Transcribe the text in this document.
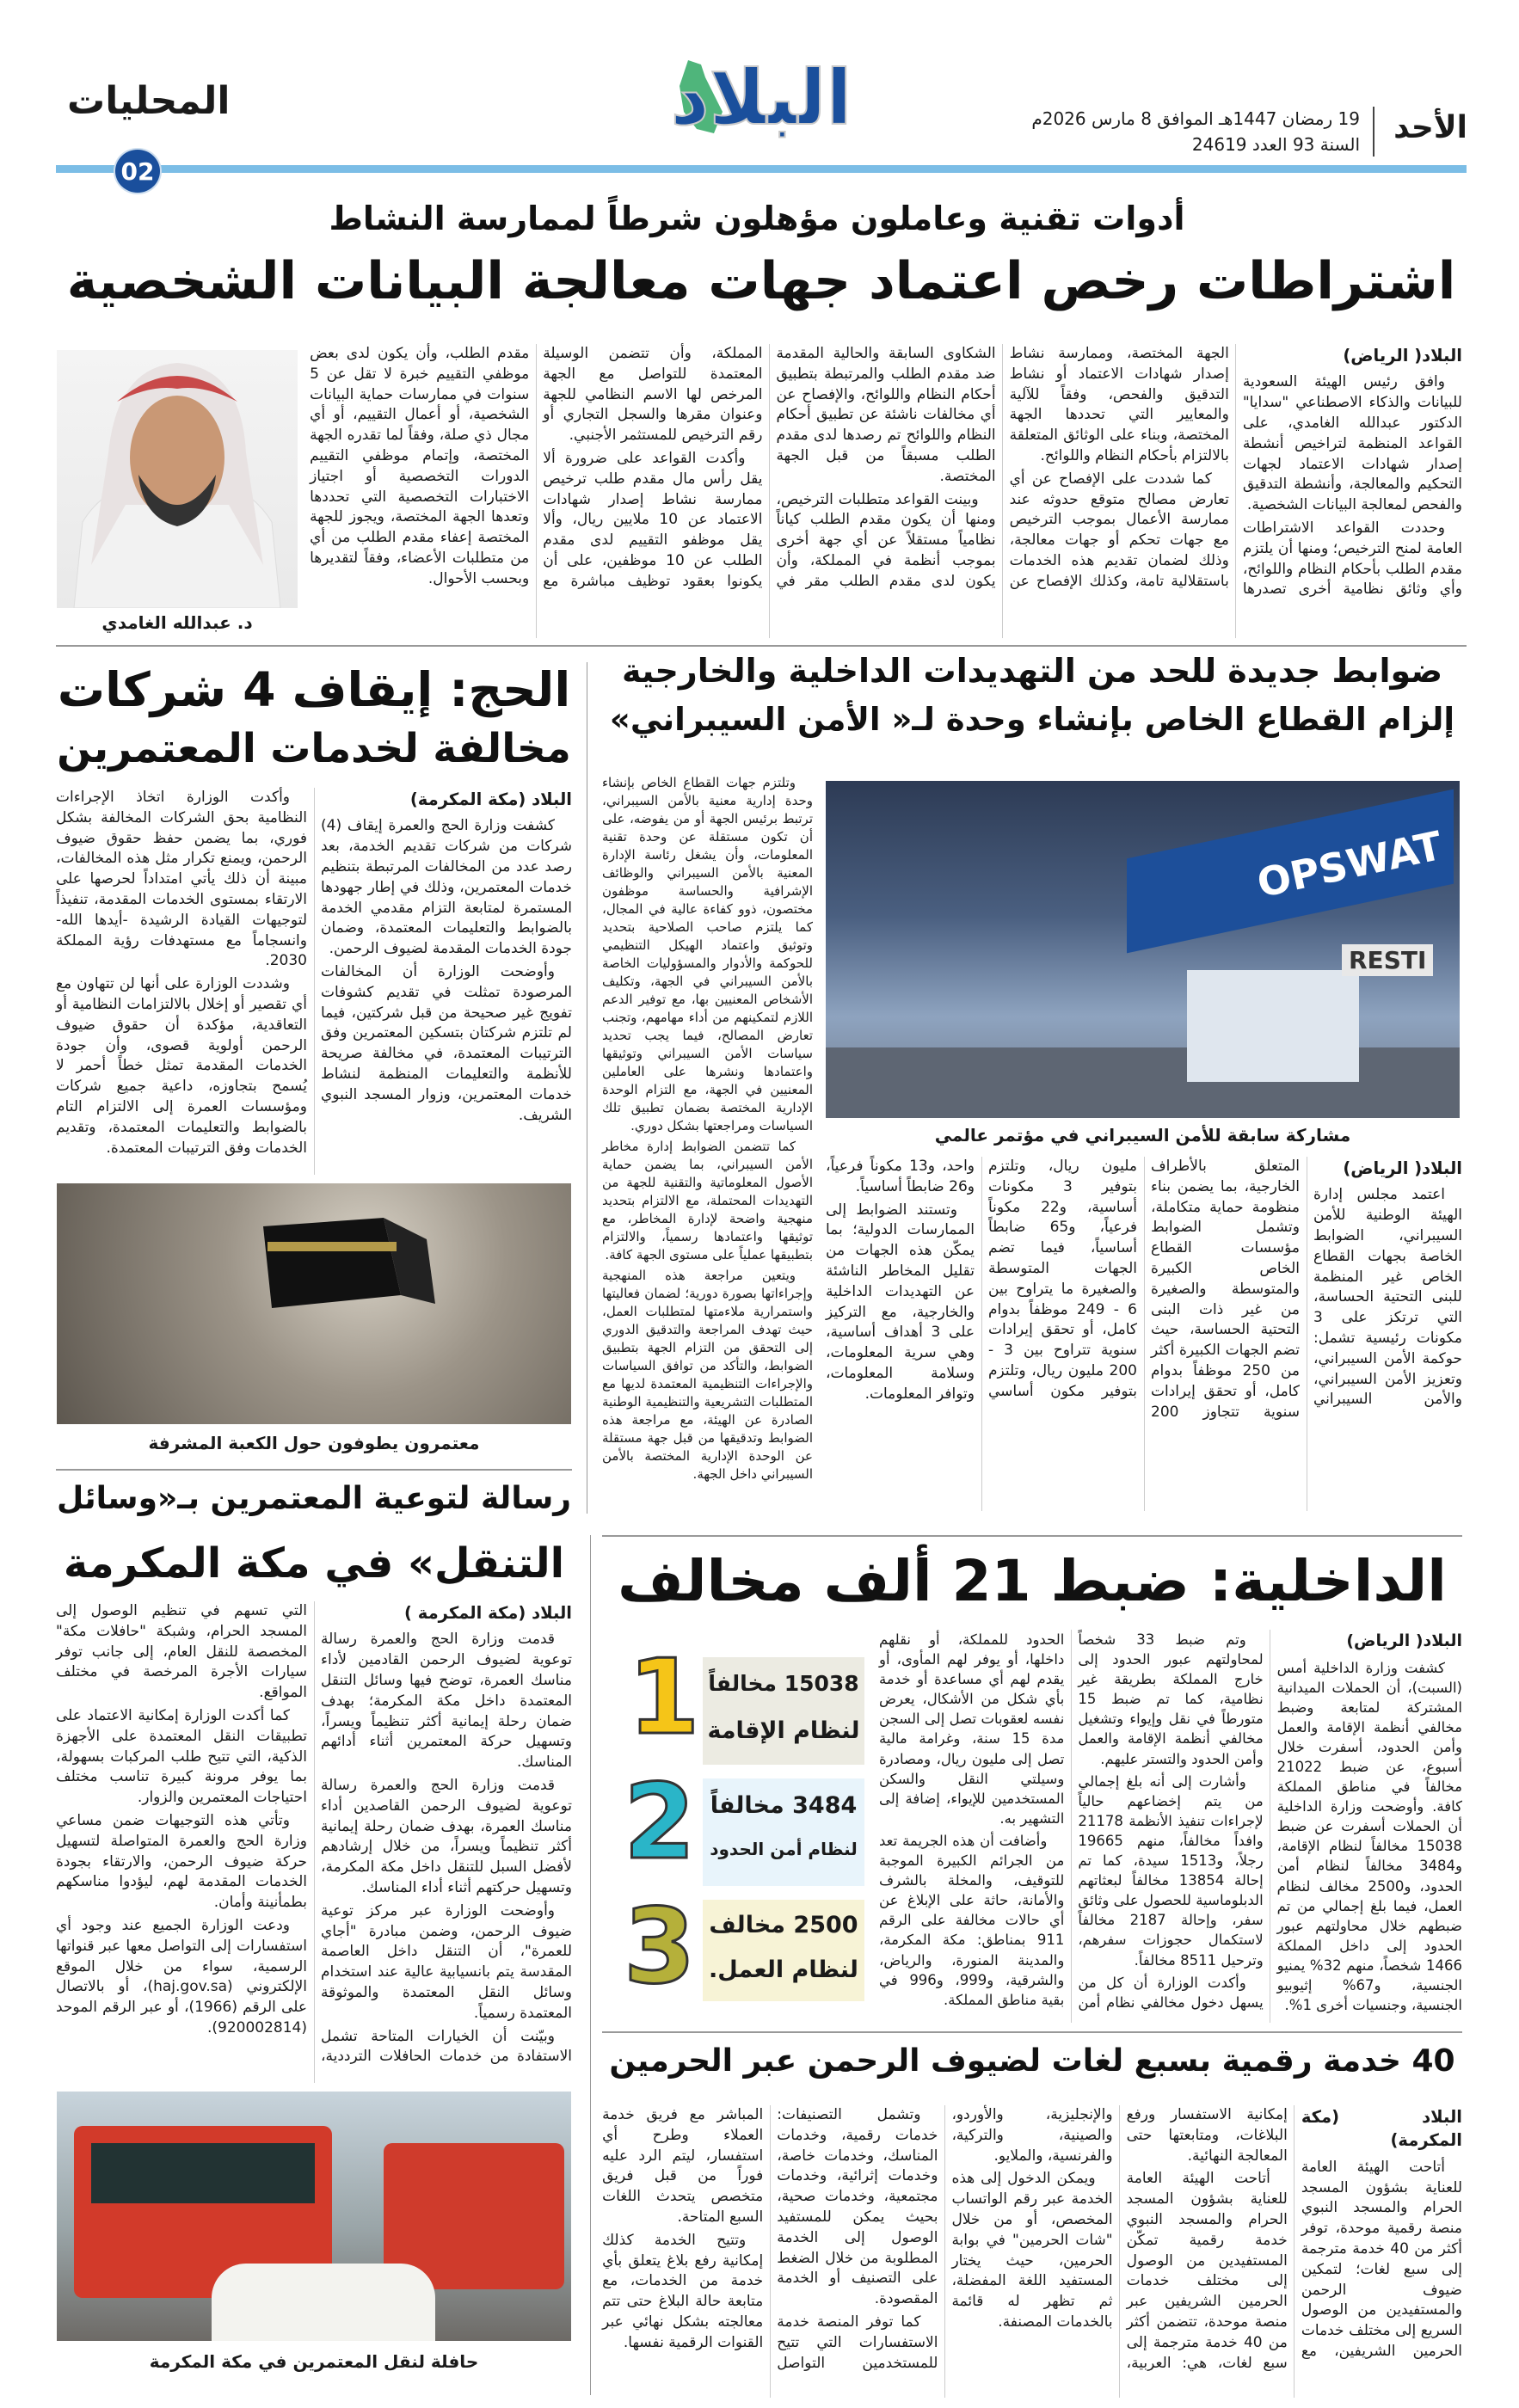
الأحد
19 رمضان 1447هـ الموافق 8 مارس 2026م
السنة 93 العدد 24619
البلاد
المحليات
02
أدوات تقنية وعاملون مؤهلون شرطاً لممارسة النشاط
اشتراطات رخص اعتماد جهات معالجة البيانات الشخصية
البلاد( الرياض)

وافق رئيس الهيئة السعودية للبيانات والذكاء الاصطناعي "سدايا" الدكتور عبدالله الغامدي، على القواعد المنظمة لتراخيص أنشطة إصدار شهادات الاعتماد لجهات التحكيم والمعالجة، وأنشطة التدقيق والفحص لمعالجة البيانات الشخصية.

وحددت القواعد الاشتراطات العامة لمنح الترخيص؛ ومنها أن يلتزم مقدم الطلب بأحكام النظام واللوائح، وأي وثائق نظامية أخرى تصدرها الجهة المختصة، وممارسة نشاط إصدار شهادات الاعتماد أو نشاط التدقيق والفحص، وفقاً للآلية والمعايير التي تحددها الجهة المختصة، وبناء على الوثائق المتعلقة بالالتزام بأحكام النظام واللوائح.

كما شددت على الإفصاح عن أي تعارض مصالح متوقع حدوثه عند ممارسة الأعمال بموجب الترخيص مع جهات تحكم أو جهات معالجة، وذلك لضمان تقديم هذه الخدمات باستقلالية تامة، وكذلك الإفصاح عن الشكاوى السابقة والحالية المقدمة ضد مقدم الطلب والمرتبطة بتطبيق أحكام النظام واللوائح، والإفصاح عن أي مخالفات ناشئة عن تطبيق أحكام النظام واللوائح تم رصدها لدى مقدم الطلب مسبقاً من قبل الجهة المختصة.

وبينت القواعد متطلبات الترخيص، ومنها أن يكون مقدم الطلب كياناً نظامياً مستقلاً عن أي جهة أخرى بموجب أنظمة في المملكة، وأن يكون لدى مقدم الطلب مقر في المملكة، وأن تتضمن الوسيلة المعتمدة للتواصل مع الجهة المرخص لها الاسم النظامي للجهة وعنوان مقرها والسجل التجاري أو رقم الترخيص للمستثمر الأجنبي.

وأكدت القواعد على ضرورة ألا يقل رأس مال مقدم طلب ترخيص ممارسة نشاط إصدار شهادات الاعتماد عن 10 ملايين ريال، وألا يقل موظفو التقييم لدى مقدم الطلب عن 10 موظفين، على أن يكونوا بعقود توظيف مباشرة مع مقدم الطلب، وأن يكون لدى بعض موظفي التقييم خبرة لا تقل عن 5 سنوات في ممارسات حماية البيانات الشخصية، أو أعمال التقييم، أو أي مجال ذي صلة، وفقاً لما تقدره الجهة المختصة، وإتمام موظفي التقييم الدورات التخصصية أو اجتياز الاختبارات التخصصية التي تحددها وتعدها الجهة المختصة، ويجوز للجهة المختصة إعفاء مقدم الطلب من أي من متطلبات الأعضاء، وفقاً لتقديرها وبحسب الأحوال.

د. عبدالله الغامدي
ضوابط جديدة للحد من التهديدات الداخلية والخارجية
إلزام القطاع الخاص بإنشاء وحدة لـ« الأمن السيبراني»
OPSWAT
RESTI
مشاركة سابقة للأمن السيبراني في مؤتمر عالمي
البلاد( الرياض)

اعتمد مجلس إدارة الهيئة الوطنية للأمن السيبراني، الضوابط الخاصة بجهات القطاع الخاص غير المنظمة للبنى التحتية الحساسة، التي ترتكز على 3 مكونات رئيسية تشمل: حوكمة الأمن السيبراني، وتعزيز الأمن السيبراني، والأمن السيبراني المتعلق بالأطراف الخارجية، بما يضمن بناء منظومة حماية متكاملة، وتشمل الضوابط مؤسسات القطاع الخاص الكبيرة والمتوسطة والصغيرة من غير ذات البنى التحتية الحساسة، حيث تضم الجهات الكبيرة أكثر من 250 موظفاً بدوام كامل، أو تحقق إيرادات سنوية تتجاوز 200 مليون ريال، وتلتزم بتوفير 3 مكونات أساسية، و22 مكوناً فرعياً، و65 ضابطاً أساسياً، فيما تضم الجهات المتوسطة والصغيرة ما يتراوح بين 6 - 249 موظفاً بدوام كامل، أو تحقق إيرادات سنوية تتراوح بين 3 - 200 مليون ريال، وتلتزم بتوفير مكون أساسي واحد، و13 مكوناً فرعياً، و26 ضابطاً أساسياً.

وتستند الضوابط إلى الممارسات الدولية؛ بما يمكّن هذه الجهات من تقليل المخاطر الناشئة عن التهديدات الداخلية والخارجية، مع التركيز على 3 أهداف أساسية، وهي سرية المعلومات، وسلامة المعلومات، وتوافر المعلومات.

وتلتزم جهات القطاع الخاص بإنشاء وحدة إدارية معنية بالأمن السيبراني، ترتبط برئيس الجهة أو من يفوضه، على أن تكون مستقلة عن وحدة تقنية المعلومات، وأن يشغل رئاسة الإدارة المعنية بالأمن السيبراني والوظائف الإشرافية والحساسة موظفون مختصون، ذوو كفاءة عالية في المجال، كما يلتزم صاحب الصلاحية بتحديد وتوثيق واعتماد الهيكل التنظيمي للحوكمة والأدوار والمسؤوليات الخاصة بالأمن السيبراني في الجهة، وتكليف الأشخاص المعنيين بها، مع توفير الدعم اللازم لتمكينهم من أداء مهامهم، وتجنب تعارض المصالح، فيما يجب تحديد سياسات الأمن السيبراني وتوثيقها واعتمادها ونشرها على العاملين المعنيين في الجهة، مع التزام الوحدة الإدارية المختصة بضمان تطبيق تلك السياسات ومراجعتها بشكل دوري.

كما تتضمن الضوابط إدارة مخاطر الأمن السيبراني، بما يضمن حماية الأصول المعلوماتية والتقنية للجهة من التهديدات المحتملة، مع الالتزام بتحديد منهجية واضحة لإدارة المخاطر، مع توثيقها واعتمادها رسمياً، والالتزام بتطبيقها عملياً على مستوى الجهة كافة.

ويتعين مراجعة هذه المنهجية وإجراءاتها بصورة دورية؛ لضمان فعاليتها واستمرارية ملاءمتها لمتطلبات العمل، حيث تهدف المراجعة والتدقيق الدوري إلى التحقق من التزام الجهة بتطبيق الضوابط، والتأكد من توافق السياسات والإجراءات التنظيمية المعتمدة لديها مع المتطلبات التشريعية والتنظيمية الوطنية الصادرة عن الهيئة، مع مراجعة هذه الضوابط وتدقيقها من قبل جهة مستقلة عن الوحدة الإدارية المختصة بالأمن السيبراني داخل الجهة.

الحج: إيقاف 4 شركات
مخالفة لخدمات المعتمرين
البلاد (مكة المكرمة)

كشفت وزارة الحج والعمرة إيقاف (4) شركات من شركات تقديم الخدمة، بعد رصد عدد من المخالفات المرتبطة بتنظيم خدمات المعتمرين، وذلك في إطار جهودها المستمرة لمتابعة التزام مقدمي الخدمة بالضوابط والتعليمات المعتمدة، وضمان جودة الخدمات المقدمة لضيوف الرحمن.

وأوضحت الوزارة أن المخالفات المرصودة تمثلت في تقديم كشوفات تفويج غير صحيحة من قبل شركتين، فيما لم تلتزم شركتان بتسكين المعتمرين وفق الترتيبات المعتمدة، في مخالفة صريحة للأنظمة والتعليمات المنظمة لنشاط خدمات المعتمرين، وزوار المسجد النبوي الشريف.

وأكدت الوزارة اتخاذ الإجراءات النظامية بحق الشركات المخالفة بشكل فوري، بما يضمن حفظ حقوق ضيوف الرحمن، ويمنع تكرار مثل هذه المخالفات، مبينة أن ذلك يأتي امتداداً لحرصها على الارتقاء بمستوى الخدمات المقدمة، تنفيذاً لتوجيهات القيادة الرشيدة -أيدها الله- وانسجاماً مع مستهدفات رؤية المملكة 2030.

وشددت الوزارة على أنها لن تتهاون مع أي تقصير أو إخلال بالالتزامات النظامية أو التعاقدية، مؤكدة أن حقوق ضيوف الرحمن أولوية قصوى، وأن جودة الخدمات المقدمة تمثل خطاً أحمر لا يُسمح بتجاوزه، داعية جميع شركات ومؤسسات العمرة إلى الالتزام التام بالضوابط والتعليمات المعتمدة، وتقديم الخدمات وفق الترتيبات المعتمدة.

معتمرون يطوفون حول الكعبة المشرفة
رسالة لتوعية المعتمرين بـ«وسائل
التنقل» في مكة المكرمة
البلاد (مكة المكرمة )

قدمت وزارة الحج والعمرة رسالة توعوية لضيوف الرحمن القادمين لأداء مناسك العمرة، توضح فيها وسائل التنقل المعتمدة داخل مكة المكرمة؛ بهدف ضمان رحلة إيمانية أكثر تنظيماً ويسراً، وتسهيل حركة المعتمرين أثناء أدائهم المناسك.

قدمت وزارة الحج والعمرة رسالة توعوية لضيوف الرحمن القاصدين أداء مناسك العمرة، بهدف ضمان رحلة إيمانية أكثر تنظيماً ويسراً، من خلال إرشادهم لأفضل السبل للتنقل داخل مكة المكرمة، وتسهيل حركتهم أثناء أداء المناسك.

وأوضحت الوزارة عبر مركز توعية ضيوف الرحمن، وضمن مبادرة "أجاي للعمرة"، أن التنقل داخل العاصمة المقدسة يتم بانسيابية عالية عند استخدام وسائل النقل المعتمدة والموثوقة المعتمدة رسمياً.

وبيّنت أن الخيارات المتاحة تشمل الاستفادة من خدمات الحافلات الترددية، التي تسهم في تنظيم الوصول إلى المسجد الحرام، وشبكة "حافلات مكة" المخصصة للنقل العام، إلى جانب توفر سيارات الأجرة المرخصة في مختلف المواقع.

كما أكدت الوزارة إمكانية الاعتماد على تطبيقات النقل المعتمدة على الأجهزة الذكية، التي تتيح طلب المركبات بسهولة، بما يوفر مرونة كبيرة تناسب مختلف احتياجات المعتمرين والزوار.

وتأتي هذه التوجيهات ضمن مساعي وزارة الحج والعمرة المتواصلة لتسهيل حركة ضيوف الرحمن، والارتقاء بجودة الخدمات المقدمة لهم، ليؤدوا مناسكهم بطمأنينة وأمان.

ودعت الوزارة الجميع عند وجود أي استفسارات إلى التواصل معها عبر قنواتها الرسمية، سواء من خلال الموقع الإلكتروني (haj.gov.sa)، أو بالاتصال على الرقم (1966)، أو عبر الرقم الموحد (920002814).

حافلة لنقل المعتمرين في مكة المكرمة
الداخلية: ضبط 21 ألف مخالف
البلاد( الرياض)

كشفت وزارة الداخلية أمس (السبت)، أن الحملات الميدانية المشتركة لمتابعة وضبط مخالفي أنظمة الإقامة والعمل وأمن الحدود، أسفرت خلال أسبوع، عن ضبط 21022 مخالفاً في مناطق المملكة كافة. وأوضحت وزارة الداخلية أن الحملات أسفرت عن ضبط 15038 مخالفاً لنظام الإقامة، و3484 مخالفاً لنظام أمن الحدود، و2500 مخالف لنظام العمل، فيما بلغ إجمالي من تم ضبطهم خلال محاولتهم عبور الحدود إلى داخل المملكة 1466 شخصاً، منهم 32% يمنيو الجنسية، و67% إثيوبيو الجنسية، وجنسيات أخرى 1%.

وتم ضبط 33 شخصاً لمحاولتهم عبور الحدود إلى خارج المملكة بطريقة غير نظامية، كما تم ضبط 15 متورطاً في نقل وإيواء وتشغيل مخالفي أنظمة الإقامة والعمل وأمن الحدود والتستر عليهم.

وأشارت إلى أنه بلغ إجمالي من يتم إخضاعهم حالياً لإجراءات تنفيذ الأنظمة 21178 وافداً مخالفاً، منهم 19665 رجلاً، و1513 سيدة، كما تم إحالة 13854 مخالفاً لبعثاتهم الدبلوماسية للحصول على وثائق سفر، وإحالة 2187 مخالفاً لاستكمال حجوزات سفرهم، وترحيل 8511 مخالفاً.

وأكدت الوزارة أن كل من يسهل دخول مخالفي نظام أمن الحدود للمملكة، أو نقلهم داخلها، أو يوفر لهم المأوى، أو يقدم لهم أي مساعدة أو خدمة بأي شكل من الأشكال، يعرض نفسه لعقوبات تصل إلى السجن مدة 15 سنة، وغرامة مالية تصل إلى مليون ريال، ومصادرة وسيلتي النقل والسكن المستخدمين للإيواء، إضافة إلى التشهير به.

وأضافت أن هذه الجريمة تعد من الجرائم الكبيرة الموجبة للتوقيف، والمخلة بالشرف والأمانة، حاثة على الإبلاغ عن أي حالات مخالفة على الرقم 911 بمناطق: مكة المكرمة، والمدينة المنورة، والرياض، والشرقية، و999، و996 في بقية مناطق المملكة.

1 15038 مخالفاً
لنظام الإقامة
2 3484 مخالفاً
لنظام أمن الحدود
3 2500 مخالف
لنظام العمل.
40 خدمة رقمية بسبع لغات لضيوف الرحمن عبر الحرمين
البلاد (مكة المكرمة)

أتاحت الهيئة العامة للعناية بشؤون المسجد الحرام والمسجد النبوي منصة رقمية موحدة، توفر أكثر من 40 خدمة مترجمة إلى سبع لغات؛ لتمكين ضيوف الرحمن والمستفيدين من الوصول السريع إلى مختلف خدمات الحرمين الشريفين، مع إمكانية الاستفسار ورفع البلاغات، ومتابعتها حتى المعالجة النهائية.

أتاحت الهيئة العامة للعناية بشؤون المسجد الحرام والمسجد النبوي خدمة رقمية تمكّن المستفيدين من الوصول إلى مختلف خدمات الحرمين الشريفين عبر منصة موحدة، تتضمن أكثر من 40 خدمة مترجمة إلى سبع لغات، هي: العربية، والإنجليزية، والأوردو، والصينية، والتركية، والفرنسية، والملايو.

ويمكن الدخول إلى هذه الخدمة عبر رقم الواتساب المخصص، أو من خلال "شات الحرمين" في بوابة الحرمين، حيث يختار المستفيد اللغة المفضلة، ثم تظهر له قائمة بالخدمات المصنفة.

وتشمل التصنيفات: خدمات رقمية، وخدمات المناسك، وخدمات خاصة، وخدمات إثرائية، وخدمات مجتمعية، وخدمات صحية، بحيث يمكن للمستفيد الوصول إلى الخدمة المطلوبة من خلال الضغط على التصنيف أو الخدمة المقصودة.

كما توفر المنصة خدمة الاستفسارات التي تتيح للمستخدمين التواصل المباشر مع فريق خدمة العملاء وطرح أي استفسار، ليتم الرد عليه فوراً من قبل فريق متخصص يتحدث اللغات السبع المتاحة.

وتتيح الخدمة كذلك إمكانية رفع بلاغ يتعلق بأي خدمة من الخدمات، مع متابعة حالة البلاغ حتى تتم معالجته بشكل نهائي عبر القنوات الرقمية نفسها.
